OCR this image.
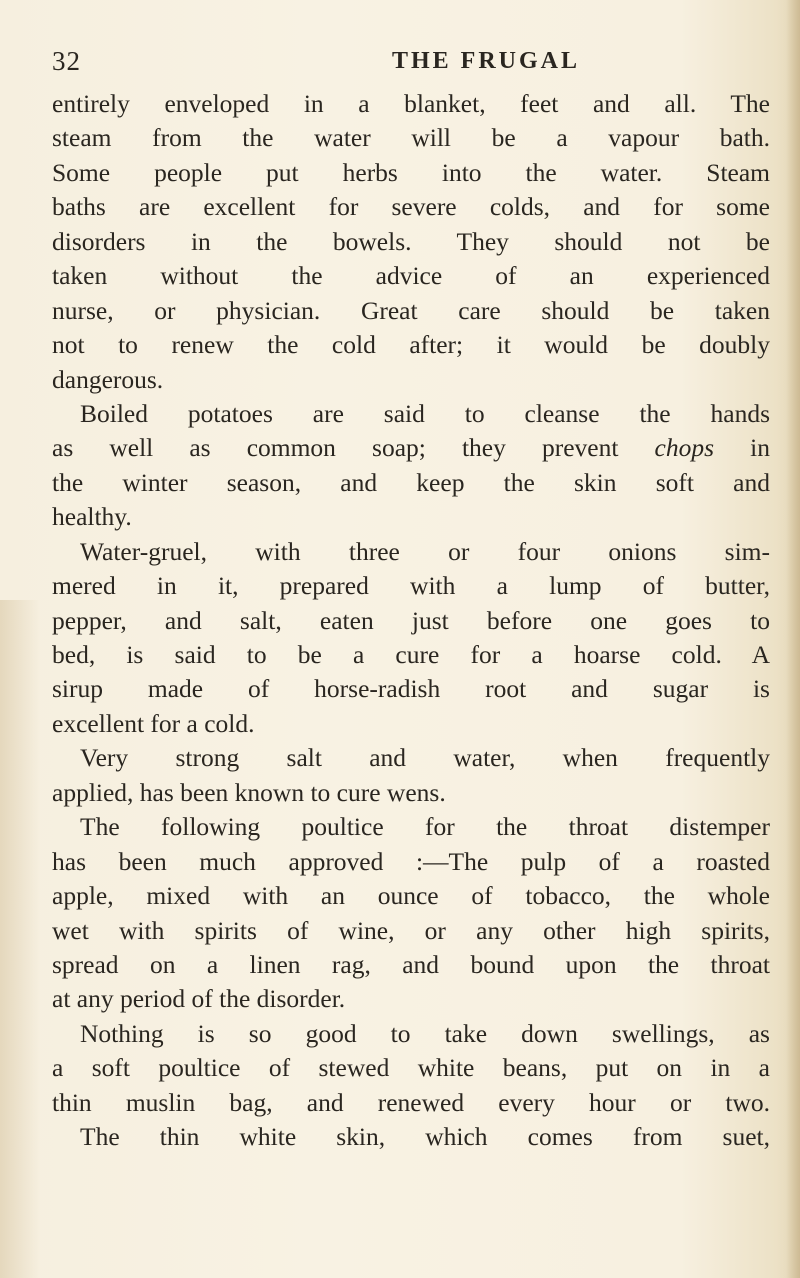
32	THE FRUGAL
entirely enveloped in a blanket, feet and all. The
steam from the water will be a vapour bath.
Some people put herbs into the water. Steam
baths are excellent for severe colds, and for some
disorders in the bowels. They should not be
taken without the advice of an experienced
nurse, or physician. Great care should be taken
not to renew the cold after; it would be doubly
dangerous.
Boiled potatoes are said to cleanse the hands
as well as common soap; they prevent chops in
the winter season, and keep the skin soft and
healthy.
Water-gruel, with three or four onions sim-
mered in it, prepared with a lump of butter,
pepper, and salt, eaten just before one goes to
bed, is said to be a cure for a hoarse cold. A
sirup made of horse-radish root and sugar is
excellent for a cold.
Very strong salt and water, when frequently
applied, has been known to cure wens.
The following poultice for the throat distemper
has been much approved :—The pulp of a roasted
apple, mixed with an ounce of tobacco, the whole
wet with spirits of wine, or any other high spirits,
spread on a linen rag, and bound upon the throat
at any period of the disorder.
Nothing is so good to take down swellings, as
a soft poultice of stewed white beans, put on in a
thin muslin bag, and renewed every hour or two.
The thin white skin, which comes from suet,
